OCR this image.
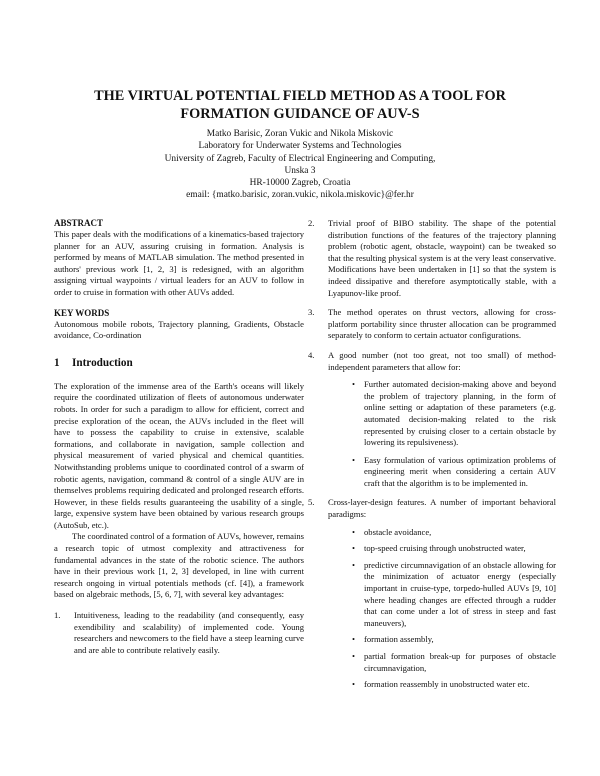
THE VIRTUAL POTENTIAL FIELD METHOD AS A TOOL FOR
FORMATION GUIDANCE OF AUV-S
Matko Barisic, Zoran Vukic and Nikola Miskovic
Laboratory for Underwater Systems and Technologies
University of Zagreb, Faculty of Electrical Engineering and Computing,
Unska 3
HR-10000 Zagreb, Croatia
email: {matko.barisic, zoran.vukic, nikola.miskovic}@fer.hr
ABSTRACT

This paper deals with the modifications of a kinematics-based trajectory planner for an AUV, assuring cruising in formation. Analysis is performed by means of MATLAB simulation. The method presented in authors' previous work [1, 2, 3] is redesigned, with an algorithm assigning virtual waypoints / virtual leaders for an AUV to follow in order to cruise in formation with other AUVs added.

KEY WORDS

Autonomous mobile robots, Trajectory planning, Gradients, Obstacle avoidance, Co-ordination

1 Introduction

The exploration of the immense area of the Earth's oceans will likely require the coordinated utilization of fleets of autonomous underwater robots. In order for such a paradigm to allow for efficient, correct and precise exploration of the ocean, the AUVs included in the fleet will have to possess the capability to cruise in extensive, scalable formations, and collaborate in navigation, sample collection and physical measurement of varied physical and chemical quantities. Notwithstanding problems unique to coordinated control of a swarm of robotic agents, navigation, command & control of a single AUV are in themselves problems requiring dedicated and prolonged research efforts. However, in these fields results guaranteeing the usability of a single, large, expensive system have been obtained by various research groups (AutoSub, etc.).

The coordinated control of a formation of AUVs, however, remains a research topic of utmost complexity and attractiveness for fundamental advances in the state of the robotic science. The authors have in their previous work [1, 2, 3] developed, in line with current research ongoing in virtual potentials methods (cf. [4]), a framework based on algebraic methods, [5, 6, 7], with several key advantages:

1. Intuitiveness, leading to the readability (and consequently, easy exendibility and scalability) of implemented code. Young researchers and newcomers to the field have a steep learning curve and are able to contribute relatively easily.
2. Trivial proof of BIBO stability. The shape of the potential distribution functions of the features of the trajectory planning problem (robotic agent, obstacle, waypoint) can be tweaked so that the resulting physical system is at the very least conservative. Modifications have been undertaken in [1] so that the system is indeed dissipative and therefore asymptotically stable, with a Lyapunov-like proof.
3. The method operates on thrust vectors, allowing for cross-platform portability since thruster allocation can be programmed separately to conform to certain actuator configurations.
4. A good number (not too great, not too small) of method-independent parameters that allow for:
• Further automated decision-making above and beyond the problem of trajectory planning, in the form of online setting or adaptation of these parameters (e.g. automated decision-making related to the risk represented by cruising closer to a certain obstacle by lowering its repulsiveness).
• Easy formulation of various optimization problems of engineering merit when considering a certain AUV craft that the algorithm is to be implemented in.
5. Cross-layer-design features. A number of important behavioral paradigms:
• obstacle avoidance,
• top-speed cruising through unobstructed water,
• predictive circumnavigation of an obstacle allowing for the minimization of actuator energy (especially important in cruise-type, torpedo-hulled AUVs [9, 10] where heading changes are effected through a rudder that can come under a lot of stress in steep and fast maneuvers),
• formation assembly,
• partial formation break-up for purposes of obstacle circumnavigation,
• formation reassembly in unobstructed water etc.
